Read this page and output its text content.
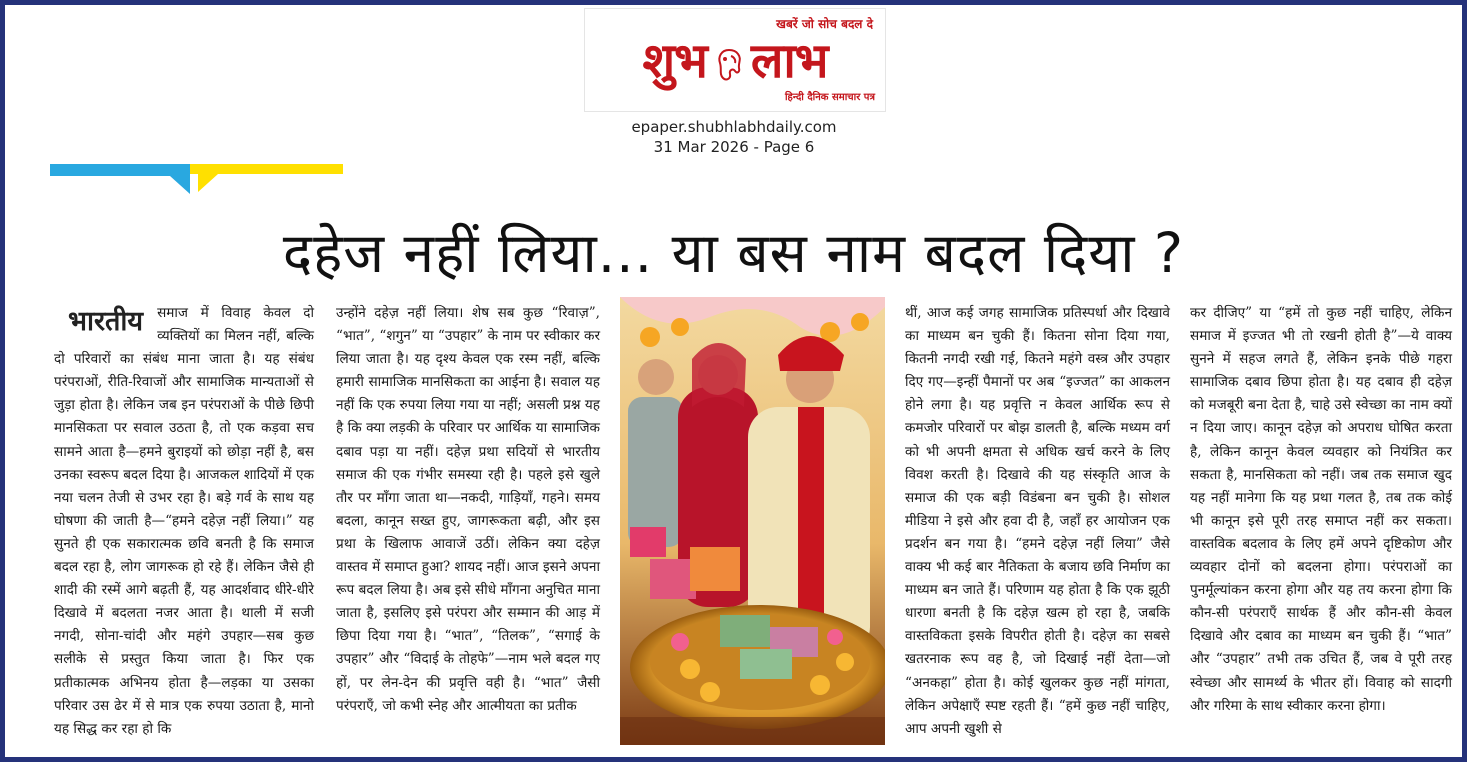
खबरें जो सोच बदल दे
शुभ लाभ
हिन्दी दैनिक समाचार पत्र
epaper.shubhlabhdaily.com
31 Mar 2026 - Page 6
दहेज नहीं लिया... या बस नाम बदल दिया ?
भारतीय	समाज में विवाह केवल दो व्यक्तियों का मिलन नहीं, बल्कि दो परिवारों का संबंध माना जाता है। यह संबंध परंपराओं, रीति-रिवाजों और सामाजिक मान्यताओं से जुड़ा होता है। लेकिन जब इन परंपराओं के पीछे छिपी मानसिकता पर सवाल उठता है, तो एक कड़वा सच सामने आता है—हमने बुराइयों को छोड़ा नहीं है, बस उनका स्वरूप बदल दिया है। आजकल शादियों में एक नया चलन तेजी से उभर रहा है। बड़े गर्व के साथ यह घोषणा की जाती है—“हमने दहेज़ नहीं लिया।” यह सुनते ही एक सकारात्मक छवि बनती है कि समाज बदल रहा है, लोग जागरूक हो रहे हैं। लेकिन जैसे ही शादी की रस्में आगे बढ़ती हैं, यह आदर्शवाद धीरे-धीरे दिखावे में बदलता नजर आता है। थाली में सजी नगदी, सोना-चांदी और महंगे उपहार—सब कुछ सलीके से प्रस्तुत किया जाता है। फिर एक प्रतीकात्मक अभिनय होता है—लड़का या उसका परिवार उस ढेर में से मात्र एक रुपया उठाता है, मानो यह सिद्ध कर रहा हो कि

उन्होंने दहेज़ नहीं लिया। शेष सब कुछ “रिवाज़”, “भात”, “शगुन” या “उपहार” के नाम पर स्वीकार कर लिया जाता है। यह दृश्य केवल एक रस्म नहीं, बल्कि हमारी सामाजिक मानसिकता का आईना है। सवाल यह नहीं कि एक रुपया लिया गया या नहीं; असली प्रश्न यह है कि क्या लड़की के परिवार पर आर्थिक या सामाजिक दबाव पड़ा या नहीं। दहेज़ प्रथा सदियों से भारतीय समाज की एक गंभीर समस्या रही है। पहले इसे खुले तौर पर माँगा जाता था—नकदी, गाड़ियाँ, गहने। समय बदला, कानून सख्त हुए, जागरूकता बढ़ी, और इस प्रथा के खिलाफ आवाजें उठीं। लेकिन क्या दहेज़ वास्तव में समाप्त हुआ? शायद नहीं। आज इसने अपना रूप बदल लिया है। अब इसे सीधे माँगना अनुचित माना जाता है, इसलिए इसे परंपरा और सम्मान की आड़ में छिपा दिया गया है। “भात”, “तिलक”, “सगाई के उपहार” और “विदाई के तोहफे”—नाम भले बदल गए हों, पर लेन-देन की प्रवृत्ति वही है। “भात” जैसी परंपराएँ, जो कभी स्नेह और आत्मीयता का प्रतीक

थीं, आज कई जगह सामाजिक प्रतिस्पर्धा और दिखावे का माध्यम बन चुकी हैं। कितना सोना दिया गया, कितनी नगदी रखी गई, कितने महंगे वस्त्र और उपहार दिए गए—इन्हीं पैमानों पर अब “इज्जत” का आकलन होने लगा है। यह प्रवृत्ति न केवल आर्थिक रूप से कमजोर परिवारों पर बोझ डालती है, बल्कि मध्यम वर्ग को भी अपनी क्षमता से अधिक खर्च करने के लिए विवश करती है। दिखावे की यह संस्कृति आज के समाज की एक बड़ी विडंबना बन चुकी है। सोशल मीडिया ने इसे और हवा दी है, जहाँ हर आयोजन एक प्रदर्शन बन गया है। “हमने दहेज़ नहीं लिया” जैसे वाक्य भी कई बार नैतिकता के बजाय छवि निर्माण का माध्यम बन जाते हैं। परिणाम यह होता है कि एक झूठी धारणा बनती है कि दहेज़ खत्म हो रहा है, जबकि वास्तविकता इसके विपरीत होती है। दहेज़ का सबसे खतरनाक रूप वह है, जो दिखाई नहीं देता—जो “अनकहा” होता है। कोई खुलकर कुछ नहीं मांगता, लेकिन अपेक्षाएँ स्पष्ट रहती हैं। “हमें कुछ नहीं चाहिए, आप अपनी खुशी से

कर दीजिए” या “हमें तो कुछ नहीं चाहिए, लेकिन समाज में इज्जत भी तो रखनी होती है”—ये वाक्य सुनने में सहज लगते हैं, लेकिन इनके पीछे गहरा सामाजिक दबाव छिपा होता है। यह दबाव ही दहेज़ को मजबूरी बना देता है, चाहे उसे स्वेच्छा का नाम क्यों न दिया जाए। कानून दहेज़ को अपराध घोषित करता है, लेकिन कानून केवल व्यवहार को नियंत्रित कर सकता है, मानसिकता को नहीं। जब तक समाज खुद यह नहीं मानेगा कि यह प्रथा गलत है, तब तक कोई भी कानून इसे पूरी तरह समाप्त नहीं कर सकता। वास्तविक बदलाव के लिए हमें अपने दृष्टिकोण और व्यवहार दोनों को बदलना होगा। परंपराओं का पुनर्मूल्यांकन करना होगा और यह तय करना होगा कि कौन-सी परंपराएँ सार्थक हैं और कौन-सी केवल दिखावे और दबाव का माध्यम बन चुकी हैं। “भात” और “उपहार” तभी तक उचित हैं, जब वे पूरी तरह स्वेच्छा और सामर्थ्य के भीतर हों। विवाह को सादगी और गरिमा के साथ स्वीकार करना होगा।
